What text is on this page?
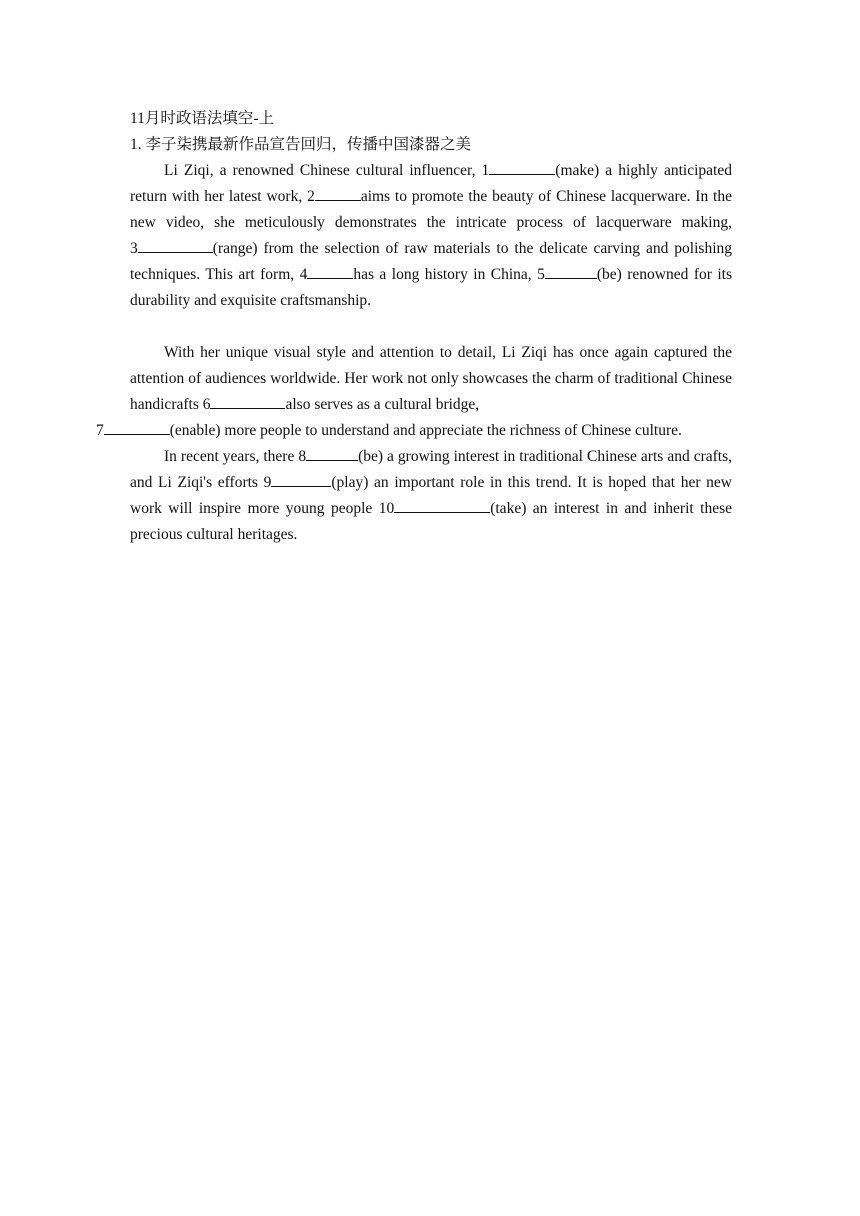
11月时政语法填空-上

1. 李子柒携最新作品宣告回归，传播中国漆器之美

Li Ziqi, a renowned Chinese cultural influencer, 1	(make) a highly anticipated return with her latest work, 2	aims to promote the beauty of Chinese lacquerware. In the new video, she meticulously demonstrates the intricate process of lacquerware making, 3	(range) from the selection of raw materials to the delicate carving and polishing techniques. This art form, 4	has a long history in China, 5	(be) renowned for its durability and exquisite craftsmanship.

With her unique visual style and attention to detail, Li Ziqi has once again captured the attention of audiences worldwide. Her work not only showcases the charm of traditional Chinese handicrafts 6	also serves as a cultural bridge,
7	(enable) more people to understand and appreciate the richness of Chinese culture.

In recent years, there 8	(be) a growing interest in traditional Chinese arts and crafts, and Li Ziqi's efforts 9	(play) an important role in this trend. It is hoped that her new work will inspire more young people 10	(take) an interest in and inherit these precious cultural heritages.
